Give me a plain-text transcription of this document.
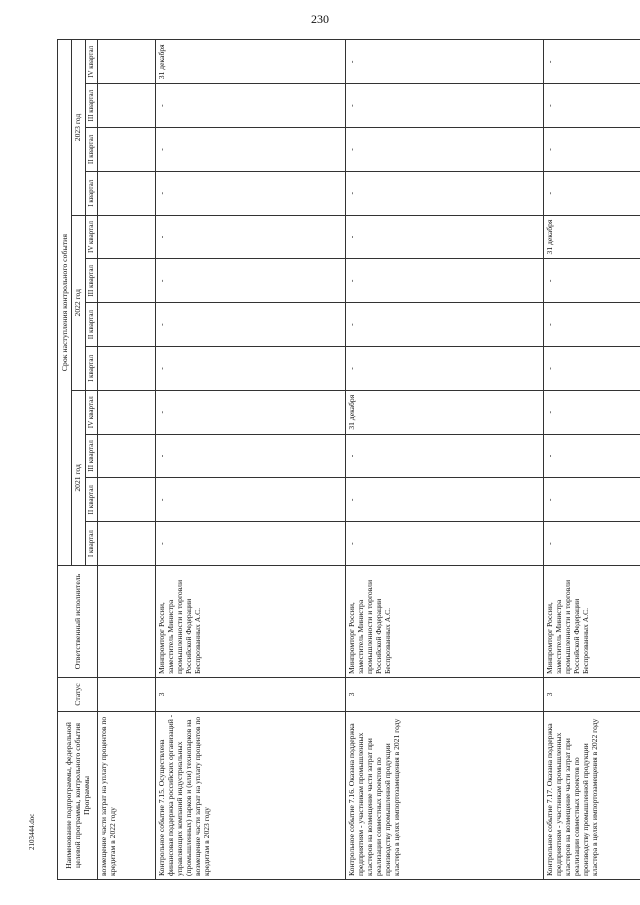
230
Наименование подпрограммы, федеральной целевой программы, контрольного события Программы	Статус	Ответственный исполнитель	Срок наступления контрольного события											
			2021 год				2022 год				2023 год			
			I квартал	II квартал	III квартал	IV квартал	I квартал	II квартал	III квартал	IV квартал	I квартал	II квартал	III квартал	IV квартал
возмещение части затрат на уплату процентов по кредитам в 2022 году														
Контрольное событие 7.15. Осуществлена финансовая поддержка российских организаций - управляющих компаний индустриальных (промышленных) парков и (или) технопарков на возмещение части затрат на уплату процентов по кредитам в 2023 году	3	Минпромторг России, заместитель Министра промышленности и торговли Российской Федерации Беспрозванных А.С.	-	-	-	-	-	-	-	-	-	-	-	31 декабря
Контрольное событие 7.16. Оказана поддержка предприятиям - участникам промышленных кластеров на возмещение части затрат при реализации совместных проектов по производству промышленной продукции кластера в целях импортозамещения в 2021 году	3	Минпромторг России, заместитель Министра промышленности и торговли Российской Федерации Беспрозванных А.С.	-	-	-	31 декабря	-	-	-	-	-	-	-	-
Контрольное событие 7.17. Оказана поддержка предприятиям - участникам промышленных кластеров на возмещение части затрат при реализации совместных проектов по производству промышленной продукции кластера в целях импортозамещения в 2022 году	3	Минпромторг России, заместитель Министра промышленности и торговли Российской Федерации Беспрозванных А.С.	-	-	-	-	-	-	-	31 декабря	-	-	-	-
2103444.doc
